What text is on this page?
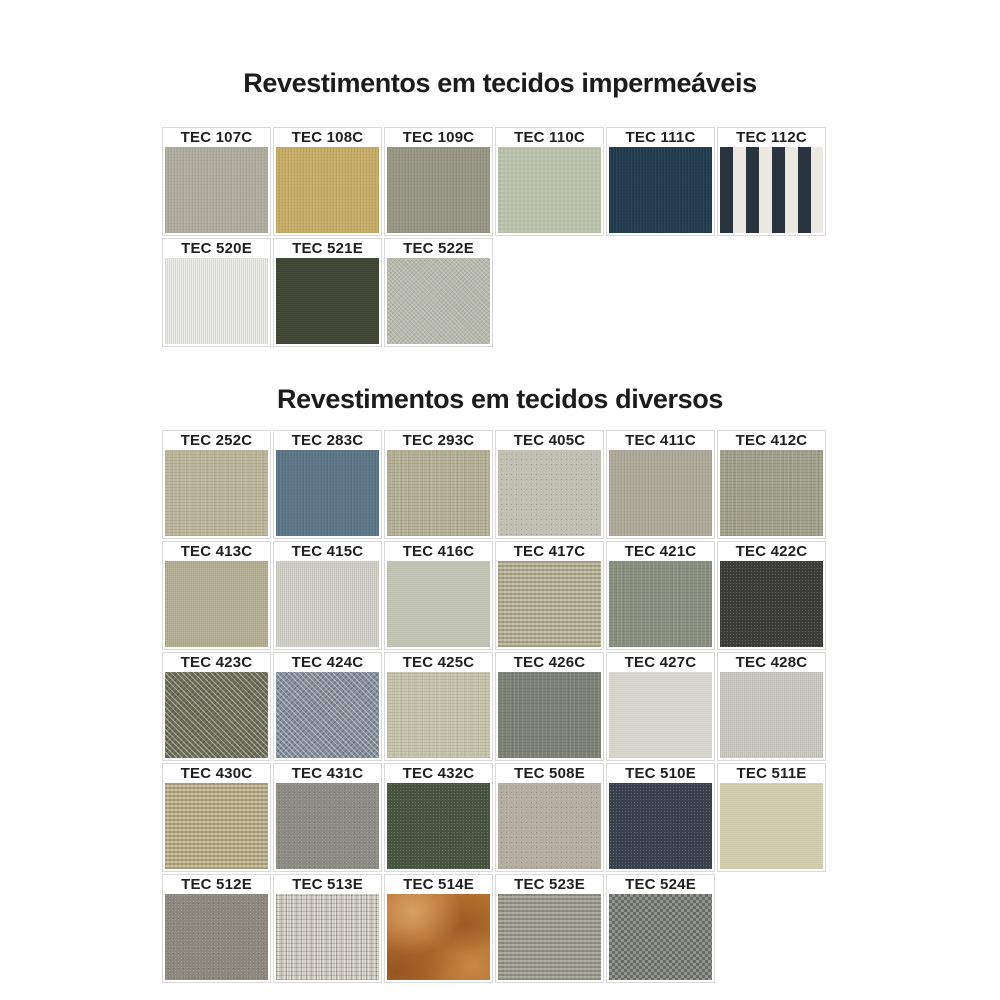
Revestimentos em tecidos impermeáveis
TEC 107C	TEC 108C	TEC 109C	TEC 110C	TEC 111C	TEC 112C
TEC 520E	TEC 521E	TEC 522E
Revestimentos em tecidos diversos
TEC 252C	TEC 283C	TEC 293C	TEC 405C	TEC 411C	TEC 412C
TEC 413C	TEC 415C	TEC 416C	TEC 417C	TEC 421C	TEC 422C
TEC 423C	TEC 424C	TEC 425C	TEC 426C	TEC 427C	TEC 428C
TEC 430C	TEC 431C	TEC 432C	TEC 508E	TEC 510E	TEC 511E
TEC 512E	TEC 513E	TEC 514E	TEC 523E	TEC 524E
